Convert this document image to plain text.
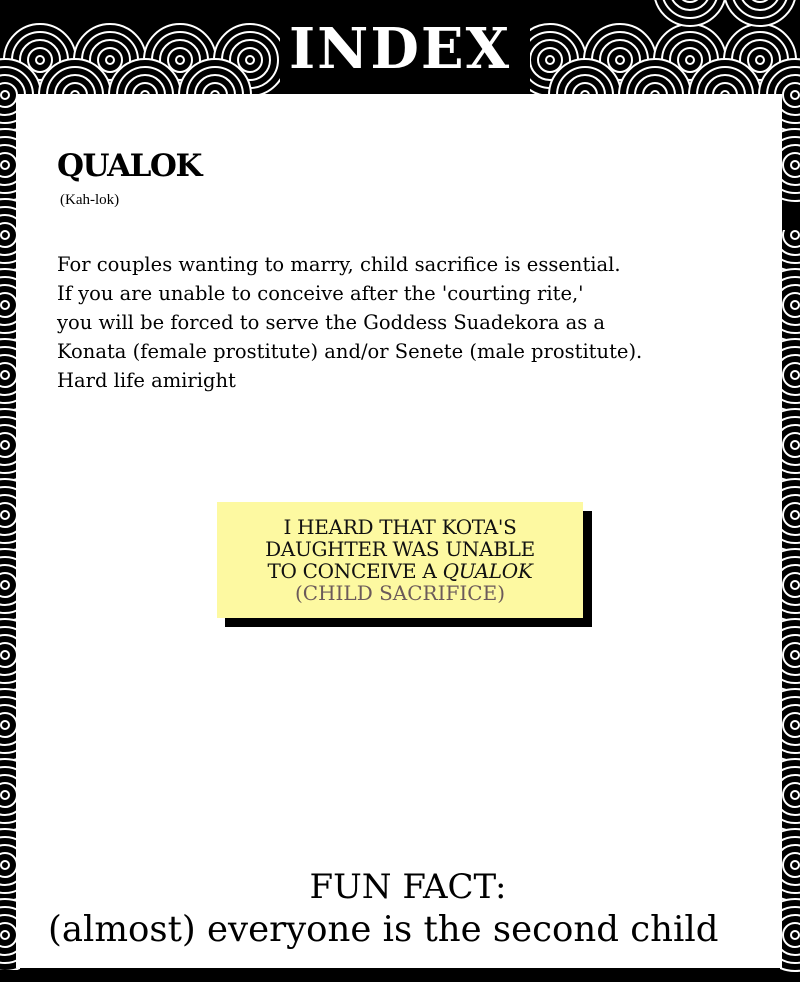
INDEX
QUALOK
(Kah-lok)
For couples wanting to marry, child sacrifice is essential.
If you are unable to conceive after the 'courting rite,'
you will be forced to serve the Goddess Suadekora as a
Konata (female prostitute) and/or Senete (male prostitute).
Hard life amiright
I HEARD THAT KOTA'S
DAUGHTER WAS UNABLE
TO CONCEIVE A QUALOK
(CHILD SACRIFICE)
FUN FACT:
(almost) everyone is the second child
